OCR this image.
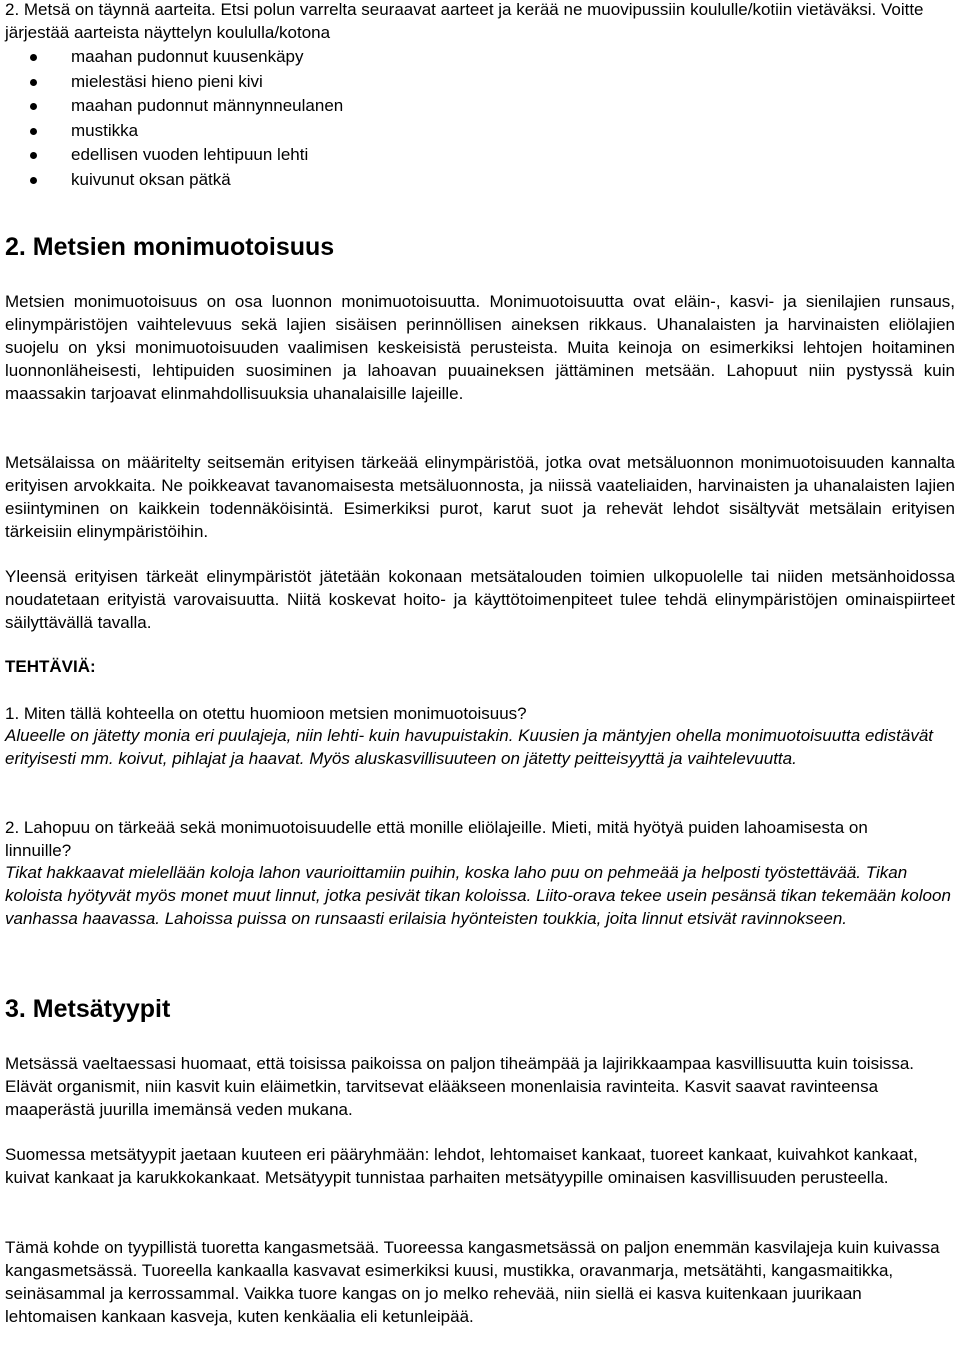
2. Metsä on täynnä aarteita. Etsi polun varrelta seuraavat aarteet ja kerää ne muovipussiin koululle/kotiin vietäväksi. Voitte järjestää aarteista näyttelyn koululla/kotona

maahan pudonnut kuusenkäpy
mielestäsi hieno pieni kivi
maahan pudonnut männynneulanen
mustikka
edellisen vuoden lehtipuun lehti
kuivunut oksan pätkä
2. Metsien monimuotoisuus

Metsien monimuotoisuus on osa luonnon monimuotoisuutta. Monimuotoisuutta ovat eläin-, kasvi- ja sienilajien runsaus, elinympäristöjen vaihtelevuus sekä lajien sisäisen perinnöllisen aineksen rikkaus. Uhanalaisten ja harvinaisten eliölajien suojelu on yksi monimuotoisuuden vaalimisen keskeisistä perusteista. Muita keinoja on esimerkiksi lehtojen hoitaminen luonnonläheisesti, lehtipuiden suosiminen ja lahoavan puuaineksen jättäminen metsään. Lahopuut niin pystyssä kuin maassakin tarjoavat elinmahdollisuuksia uhanalaisille lajeille.

Metsälaissa on määritelty seitsemän erityisen tärkeää elinympäristöä, jotka ovat metsäluonnon monimuotoisuuden kannalta erityisen arvokkaita. Ne poikkeavat tavanomaisesta metsäluonnosta, ja niissä vaateliaiden, harvinaisten ja uhanalaisten lajien esiintyminen on kaikkein todennäköisintä. Esimerkiksi purot, karut suot ja rehevät lehdot sisältyvät metsälain erityisen tärkeisiin elinympäristöihin.

Yleensä erityisen tärkeät elinympäristöt jätetään kokonaan metsätalouden toimien ulkopuolelle tai niiden metsänhoidossa noudatetaan erityistä varovaisuutta. Niitä koskevat hoito- ja käyttötoimenpiteet tulee tehdä elinympäristöjen ominaispiirteet säilyttävällä tavalla.

TEHTÄVIÄ:

1. Miten tällä kohteella on otettu huomioon metsien monimuotoisuus?

Alueelle on jätetty monia eri puulajeja, niin lehti- kuin havupuistakin. Kuusien ja mäntyjen ohella monimuotoisuutta edistävät erityisesti mm. koivut, pihlajat ja haavat. Myös aluskasvillisuuteen on jätetty peitteisyyttä ja vaihtelevuutta.

2. Lahopuu on tärkeää sekä monimuotoisuudelle että monille eliölajeille. Mieti, mitä hyötyä puiden lahoamisesta on linnuille?

Tikat hakkaavat mielellään koloja lahon vaurioittamiin puihin, koska laho puu on pehmeää ja helposti työstettävää. Tikan koloista hyötyvät myös monet muut linnut, jotka pesivät tikan koloissa. Liito-orava tekee usein pesänsä tikan tekemään koloon vanhassa haavassa. Lahoissa puissa on runsaasti erilaisia hyönteisten toukkia, joita linnut etsivät ravinnokseen.

3. Metsätyypit

Metsässä vaeltaessasi huomaat, että toisissa paikoissa on paljon tiheämpää ja lajirikkaampaa kasvillisuutta kuin toisissa. Elävät organismit, niin kasvit kuin eläimetkin, tarvitsevat elääkseen monenlaisia ravinteita. Kasvit saavat ravinteensa maaperästä juurilla imemänsä veden mukana.

Suomessa metsätyypit jaetaan kuuteen eri pääryhmään: lehdot, lehtomaiset kankaat, tuoreet kankaat, kuivahkot kankaat, kuivat kankaat ja karukkokankaat. Metsätyypit tunnistaa parhaiten metsätyypille ominaisen kasvillisuuden perusteella.

Tämä kohde on tyypillistä tuoretta kangasmetsää. Tuoreessa kangasmetsässä on paljon enemmän kasvilajeja kuin kuivassa kangasmetsässä. Tuoreella kankaalla kasvavat esimerkiksi kuusi, mustikka, oravanmarja, metsätähti, kangasmaitikka, seinäsammal ja kerrossammal. Vaikka tuore kangas on jo melko rehevää, niin siellä ei kasva kuitenkaan juurikaan lehtomaisen kankaan kasveja, kuten kenkäalia eli ketunleipää.
